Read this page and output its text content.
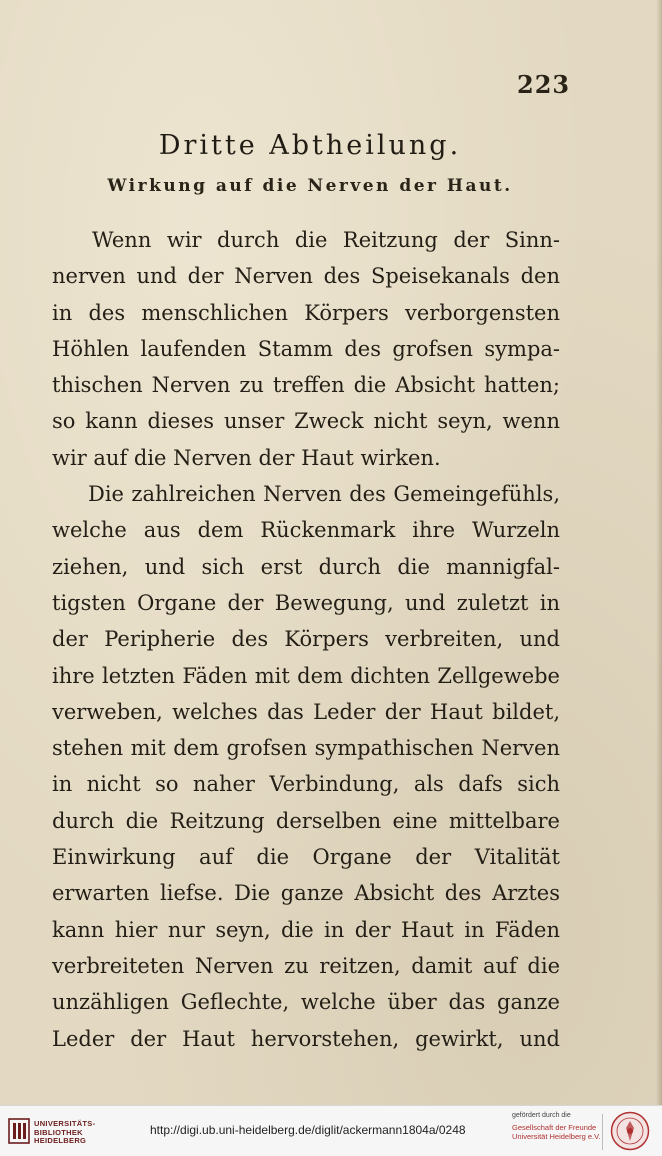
223
Dritte Abtheilung.
Wirkung auf die Nerven der Haut.
Wenn wir durch die Reitzung der Sinn-
nerven und der Nerven des Speisekanals den
in des menschlichen Körpers verborgensten
Höhlen laufenden Stamm des grofsen sympa-
thischen Nerven zu treffen die Absicht hatten;
so kann dieses unser Zweck nicht seyn, wenn
wir auf die Nerven der Haut wirken.
Die zahlreichen Nerven des Gemeingefühls,
welche aus dem Rückenmark ihre Wurzeln
ziehen, und sich erst durch die mannigfal-
tigsten Organe der Bewegung, und zuletzt in
der Peripherie des Körpers verbreiten, und
ihre letzten Fäden mit dem dichten Zellgewebe
verweben, welches das Leder der Haut bildet,
stehen mit dem grofsen sympathischen Nerven
in nicht so naher Verbindung, als dafs sich
durch die Reitzung derselben eine mittelbare
Einwirkung auf die Organe der Vitalität
erwarten liefse. Die ganze Absicht des Arztes
kann hier nur seyn, die in der Haut in Fäden
verbreiteten Nerven zu reitzen, damit auf die
unzähligen Geflechte, welche über das ganze
Leder der Haut hervorstehen, gewirkt, und
UNIVERSITÄTS-
BIBLIOTHEK
HEIDELBERG
http://digi.ub.uni-heidelberg.de/diglit/ackermann1804a/0248
gefördert durch die
Gesellschaft der Freunde
Universität Heidelberg e.V.
